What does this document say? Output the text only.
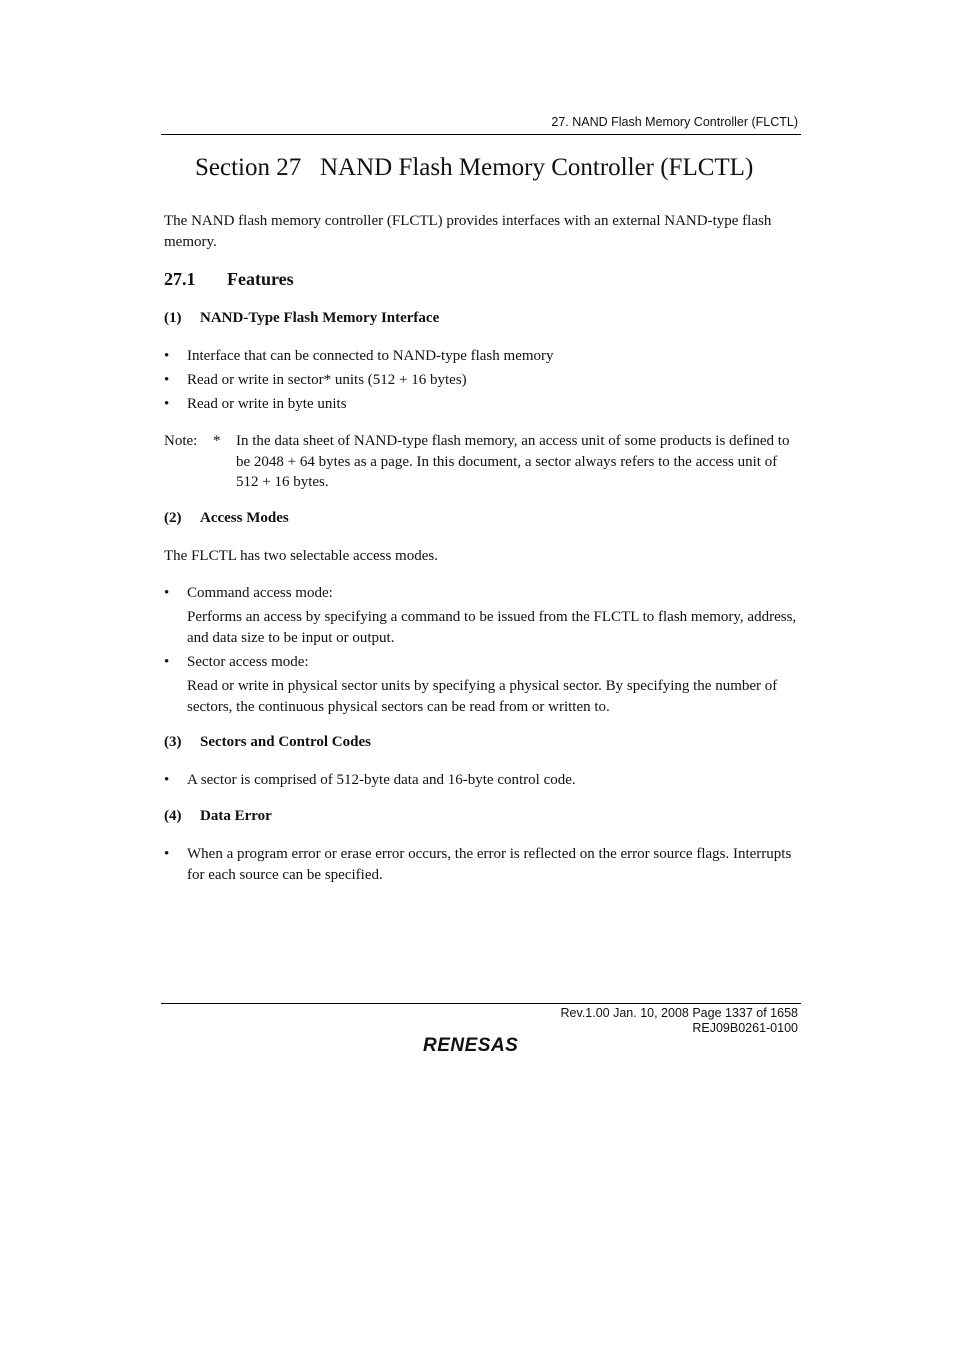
27. NAND Flash Memory Controller (FLCTL)
Section 27   NAND Flash Memory Controller (FLCTL)
The NAND flash memory controller (FLCTL) provides interfaces with an external NAND-type flash memory.
27.1 Features
(1) NAND-Type Flash Memory Interface
•	Interface that can be connected to NAND-type flash memory
•	Read or write in sector* units (512 + 16 bytes)
•	Read or write in byte units
Note: * In the data sheet of NAND-type flash memory, an access unit of some products is defined to be 2048 + 64 bytes as a page. In this document, a sector always refers to the access unit of 512 + 16 bytes.
(2) Access Modes
The FLCTL has two selectable access modes.
•	Command access mode:
Performs an access by specifying a command to be issued from the FLCTL to flash memory, address, and data size to be input or output.
•	Sector access mode:
Read or write in physical sector units by specifying a physical sector. By specifying the number of sectors, the continuous physical sectors can be read from or written to.
(3) Sectors and Control Codes
•	A sector is comprised of 512-byte data and 16-byte control code.
(4) Data Error
•	When a program error or erase error occurs, the error is reflected on the error source flags. Interrupts for each source can be specified.
Rev.1.00 Jan. 10, 2008 Page 1337 of 1658
REJ09B0261-0100
RENESAS
